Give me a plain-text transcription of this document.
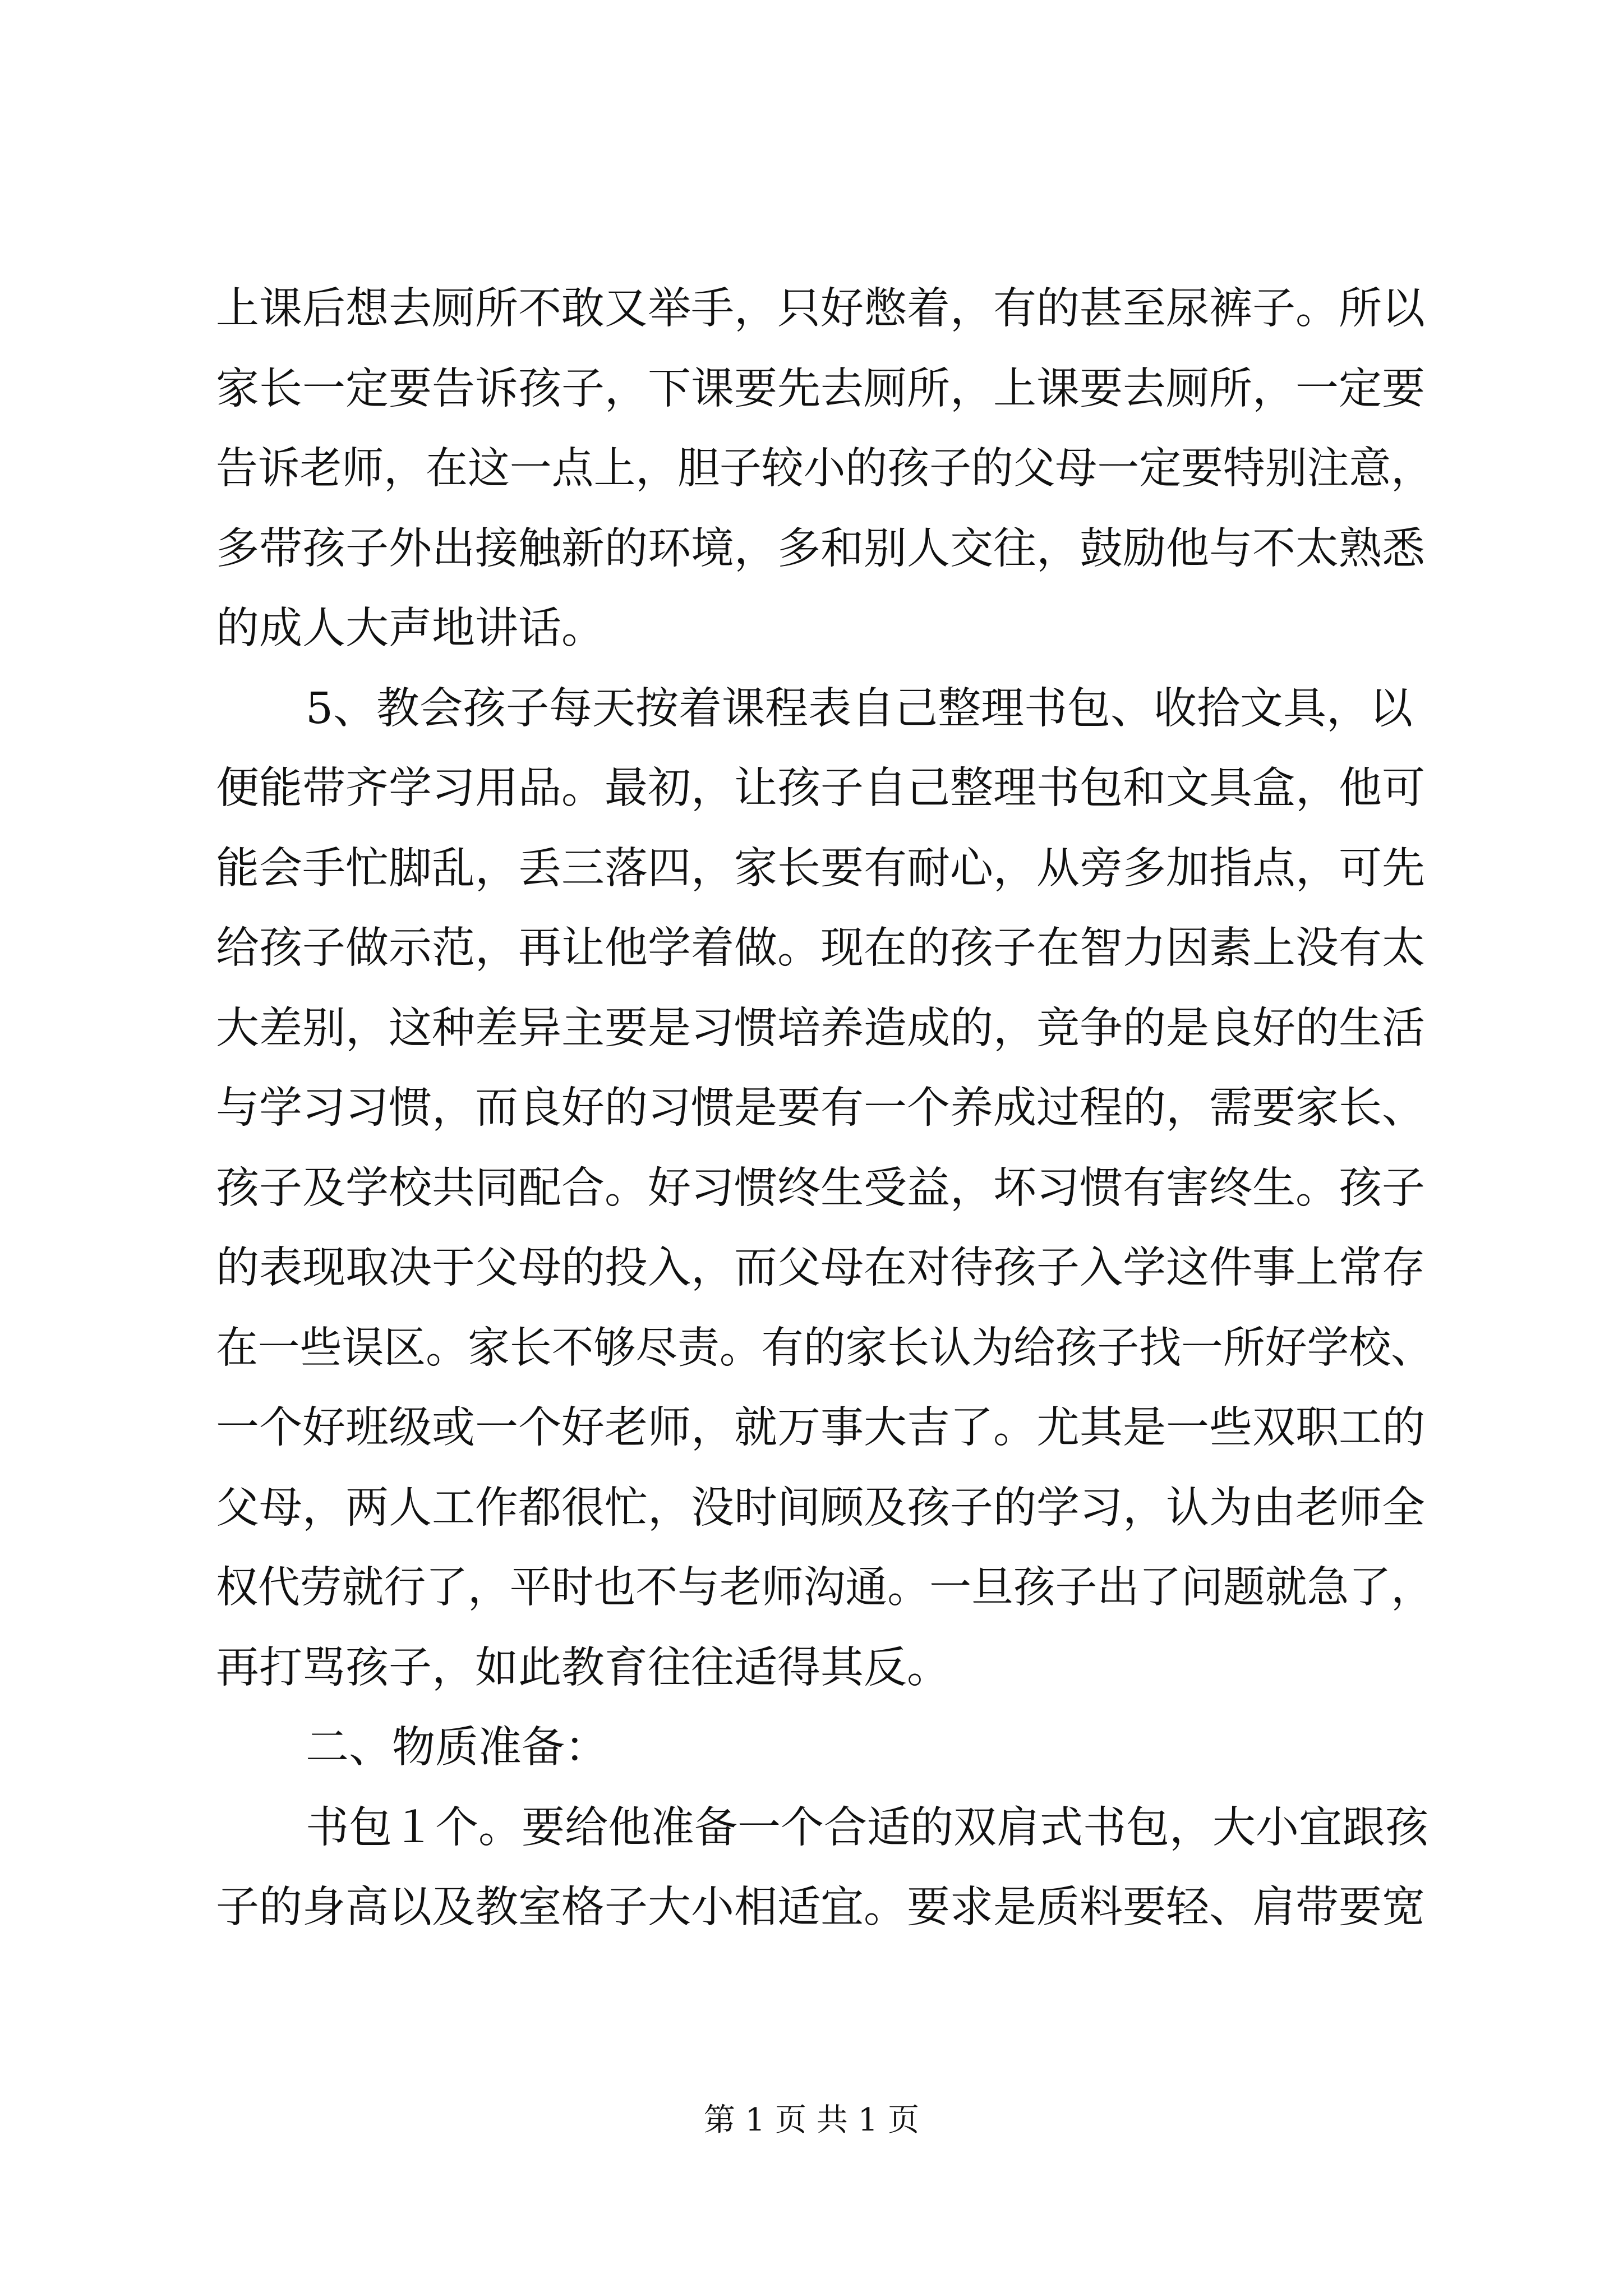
上课后想去厕所不敢又举手，只好憋着，有的甚至尿裤子。所以
家长一定要告诉孩子，下课要先去厕所，上课要去厕所，一定要
告诉老师，在这一点上，胆子较小的孩子的父母一定要特别注意，
多带孩子外出接触新的环境，多和别人交往，鼓励他与不太熟悉
的成人大声地讲话。
5、教会孩子每天按着课程表自己整理书包、收拾文具，以
便能带齐学习用品。最初，让孩子自己整理书包和文具盒，他可
能会手忙脚乱，丢三落四，家长要有耐心，从旁多加指点，可先
给孩子做示范，再让他学着做。现在的孩子在智力因素上没有太
大差别，这种差异主要是习惯培养造成的，竞争的是良好的生活
与学习习惯，而良好的习惯是要有一个养成过程的，需要家长、
孩子及学校共同配合。好习惯终生受益，坏习惯有害终生。孩子
的表现取决于父母的投入，而父母在对待孩子入学这件事上常存
在一些误区。家长不够尽责。有的家长认为给孩子找一所好学校、
一个好班级或一个好老师，就万事大吉了。尤其是一些双职工的
父母，两人工作都很忙，没时间顾及孩子的学习，认为由老师全
权代劳就行了，平时也不与老师沟通。一旦孩子出了问题就急了，
再打骂孩子，如此教育往往适得其反。
二、物质准备：
书包１个。要给他准备一个合适的双肩式书包，大小宜跟孩
子的身高以及教室格子大小相适宜。要求是质料要轻、肩带要宽
第 1 页 共 1 页
